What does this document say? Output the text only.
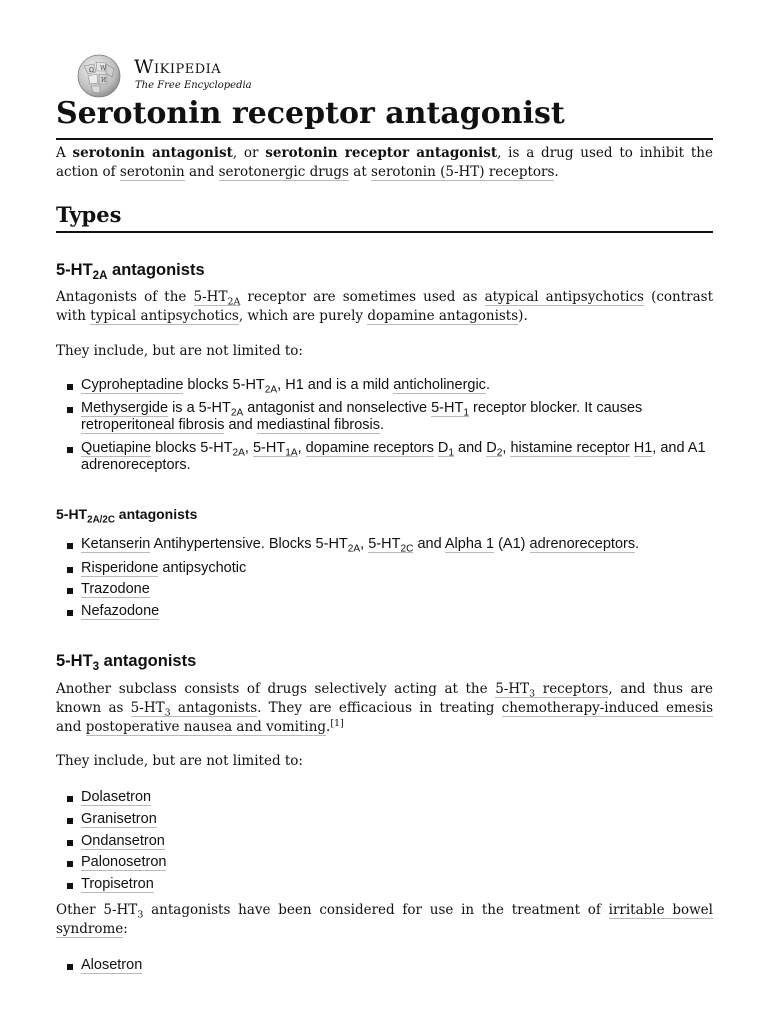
Ω W
И
Wikipedia
The Free Encyclopedia
Serotonin receptor antagonist

A serotonin antagonist, or serotonin receptor antagonist, is a drug used to inhibit the action of serotonin and serotonergic drugs at serotonin (5-HT) receptors.

Types
$5-HT_{2A}$ antagonists

Antagonists of the $5-HT_{2A}$ receptor are sometimes used as atypical antipsychotics (contrast with typical antipsychotics, which are purely dopamine antagonists).

They include, but are not limited to:

Cyproheptadine blocks $5-HT_{2A}$, H1 and is a mild anticholinergic.
Methysergide is a $5-HT_{2A}$ antagonist and nonselective $5-HT_1$ receptor blocker. It causes retroperitoneal fibrosis and mediastinal fibrosis.
Quetiapine blocks $5-HT_{2A}$, $5-HT_{1A}$, dopamine receptors $D_1$ and $D_2$, histamine receptor H1, and A1 adrenoreceptors.
$5-HT_{2A/2C}$ antagonists
Ketanserin Antihypertensive. Blocks $5-HT_{2A}$, $5-HT_{2C}$ and Alpha 1 (A1) adrenoreceptors.
Risperidone antipsychotic
Trazodone
Nefazodone
$5-HT_3$ antagonists

Another subclass consists of drugs selectively acting at the $5-HT_3$ receptors, and thus are known as $5-HT_3$ antagonists. They are efficacious in treating chemotherapy-induced emesis and postoperative nausea and vomiting.[1]

They include, but are not limited to:

Dolasetron
Granisetron
Ondansetron
Palonosetron
Tropisetron

Other $5-HT_3$ antagonists have been considered for use in the treatment of irritable bowel syndrome:

Alosetron
